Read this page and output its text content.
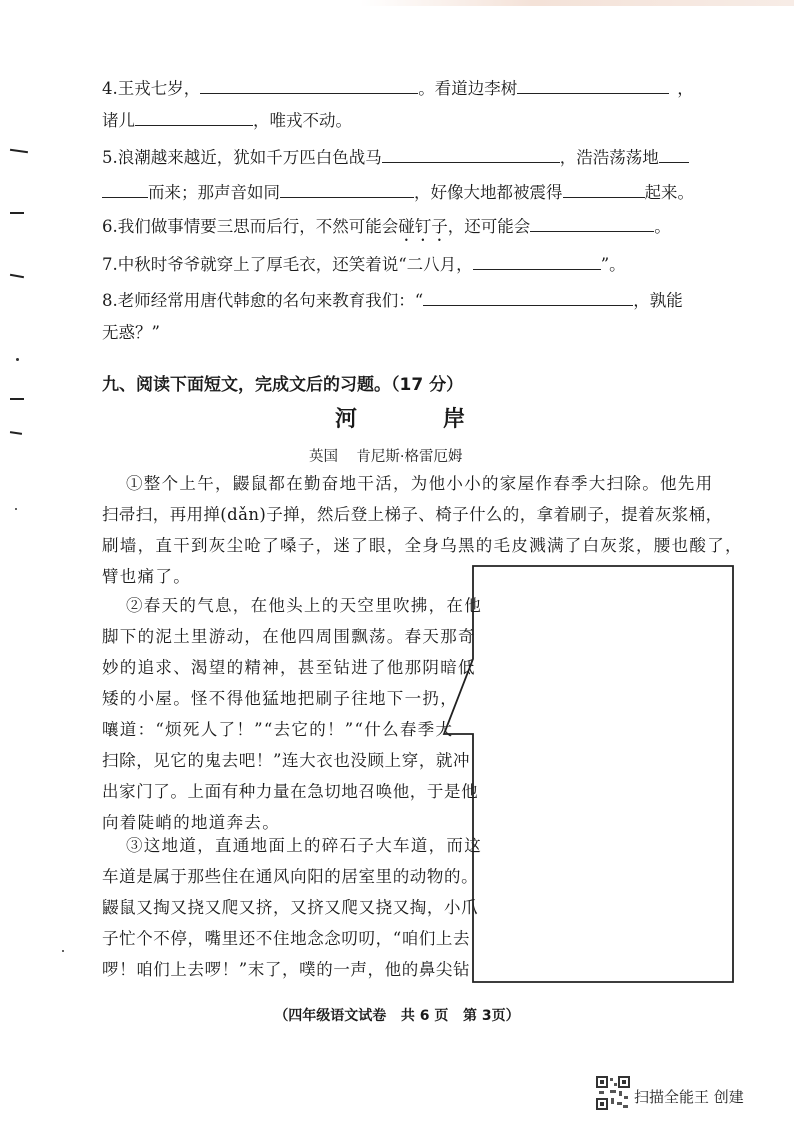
4.王戎七岁，	。看道边李树	，
诸儿	，唯戎不动。
5.浪潮越来越近，犹如千万匹白色战马	，浩浩荡荡地
而来；那声音如同	，好像大地都被震得	起来。
6.我们做事情要三思而后行，不然可能会碰钉子，还可能会	。
7.中秋时爷爷就穿上了厚毛衣，还笑着说“二八月，	”。
8.老师经常用唐代韩愈的名句来教育我们：“	，孰能
无惑？”
九、阅读下面短文，完成文后的习题。（17 分）
河	岸
英国    肯尼斯·格雷厄姆
①整个上午，鼹鼠都在勤奋地干活，为他小小的家屋作春季大扫除。他先用
扫帚扫，再用掸(dǎn)子掸，然后登上梯子、椅子什么的，拿着刷子，提着灰浆桶，
刷墙，直干到灰尘呛了嗓子，迷了眼，全身乌黑的毛皮溅满了白灰浆，腰也酸了，
臂也痛了。
②春天的气息，在他头上的天空里吹拂，在他
脚下的泥土里游动，在他四周围飘荡。春天那奇
妙的追求、渴望的精神，甚至钻进了他那阴暗低
矮的小屋。怪不得他猛地把刷子往地下一扔，
嚷道：“烦死人了！”“去它的！”“什么春季大
扫除，见它的鬼去吧！”连大衣也没顾上穿，就冲
出家门了。上面有种力量在急切地召唤他，于是他
向着陡峭的地道奔去。
③这地道，直通地面上的碎石子大车道，而这
车道是属于那些住在通风向阳的居室里的动物的。
鼹鼠又掏又挠又爬又挤，又挤又爬又挠又掏，小爪
子忙个不停，嘴里还不住地念念叨叨，“咱们上去
啰！咱们上去啰！”末了，噗的一声，他的鼻尖钻
（四年级语文试卷   共 6 页   第 3页）
扫描全能王 创建
